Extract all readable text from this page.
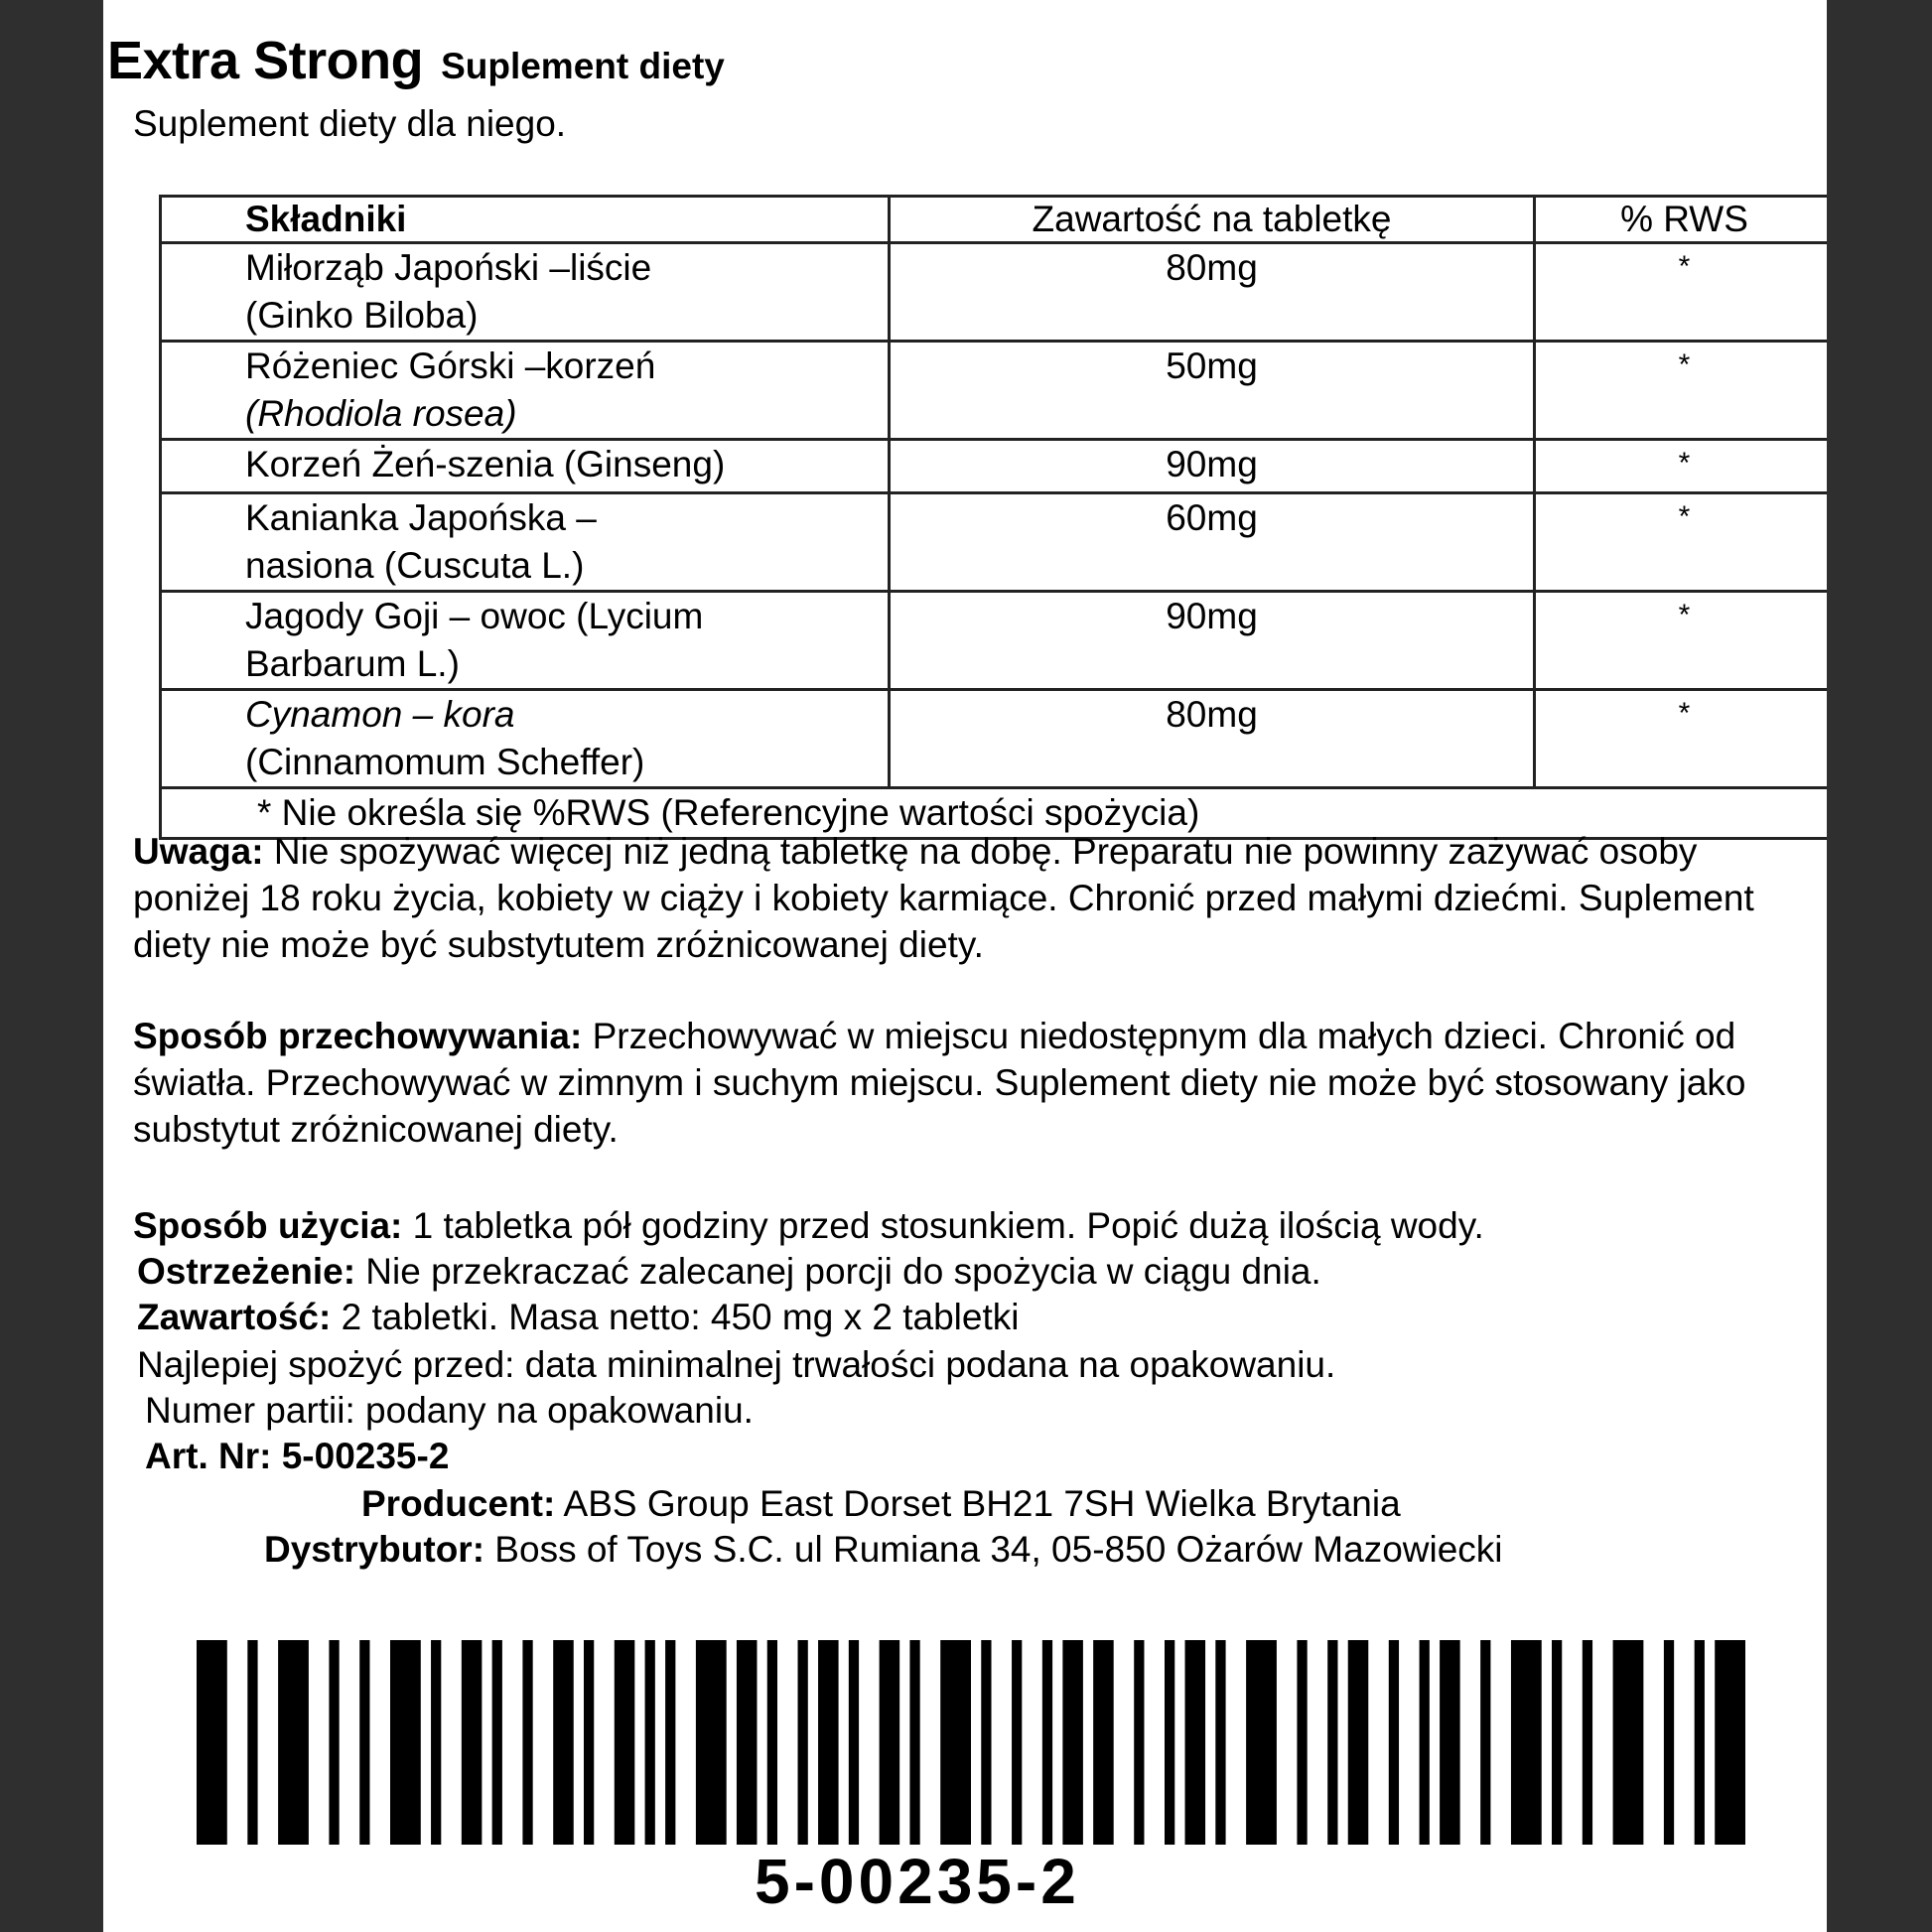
Extra Strong Suplement diety
Suplement diety dla niego.
Składniki	Zawartość na tabletkę	% RWS
Miłorząb Japoński –liście
(Ginko Biloba)	80mg	*
Różeniec Górski –korzeń
(Rhodiola rosea)	50mg	*
Korzeń Żeń-szenia (Ginseng)	90mg	*
Kanianka Japońska –
nasiona (Cuscuta L.)	60mg	*
Jagody Goji – owoc (Lycium
Barbarum L.)	90mg	*
Cynamon – kora
(Cinnamomum Scheffer)	80mg	*
* Nie określa się %RWS (Referencyjne wartości spożycia)		
Uwaga: Nie spożywać więcej niż jedną tabletkę na dobę. Preparatu nie powinny zażywać osoby poniżej 18 roku życia, kobiety w ciąży i kobiety karmiące. Chronić przed małymi dziećmi. Suplement diety nie może być substytutem zróżnicowanej diety.
Sposób przechowywania: Przechowywać w miejscu niedostępnym dla małych dzieci. Chronić od światła. Przechowywać w zimnym i suchym miejscu. Suplement diety nie może być stosowany jako substytut zróżnicowanej diety.
Sposób użycia: 1 tabletka pół godziny przed stosunkiem. Popić dużą ilością wody.
Ostrzeżenie: Nie przekraczać zalecanej porcji do spożycia w ciągu dnia.
Zawartość: 2 tabletki. Masa netto: 450 mg x 2 tabletki
Najlepiej spożyć przed: data minimalnej trwałości podana na opakowaniu.
Numer partii: podany na opakowaniu.
Art. Nr: 5-00235-2
Producent: ABS Group East Dorset BH21 7SH Wielka Brytania
Dystrybutor: Boss of Toys S.C. ul Rumiana 34, 05-850 Ożarów Mazowiecki
5-00235-2
